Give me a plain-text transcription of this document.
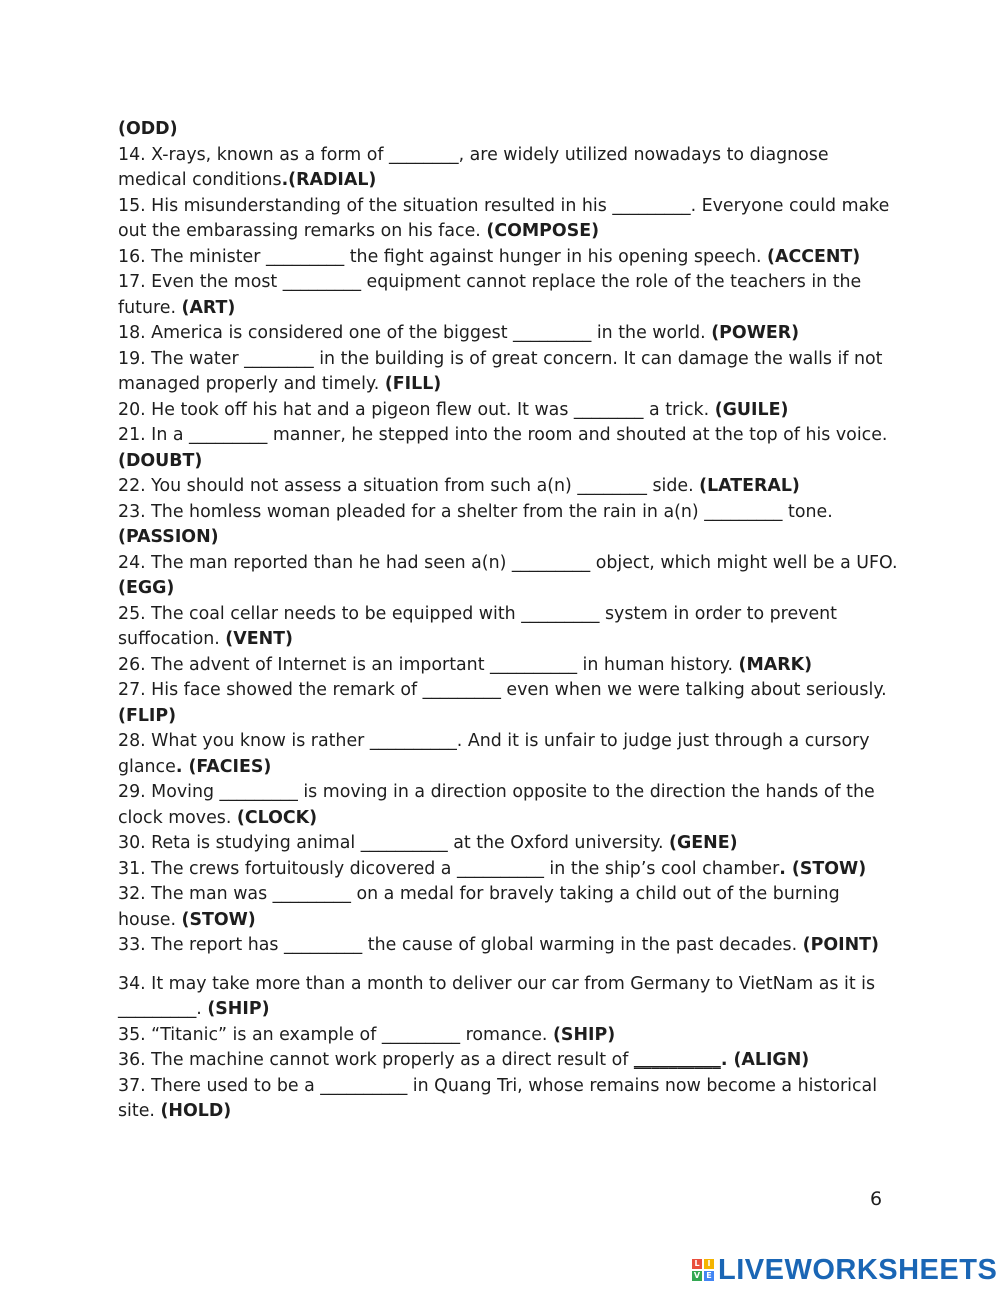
(ODD)

14. X-rays, known as a form of ________, are widely utilized nowadays to diagnose medical conditions.(RADIAL)

15. His misunderstanding of the situation resulted in his _________. Everyone could make out the embarassing remarks on his face. (COMPOSE)

16. The minister _________ the fight against hunger in his opening speech. (ACCENT)

17. Even the most _________ equipment cannot replace the role of the teachers in the future. (ART)

18. America is considered one of the biggest _________ in the world. (POWER)

19. The water ________ in the building is of great concern. It can damage the walls if not managed properly and timely. (FILL)

20. He took off his hat and a pigeon flew out. It was ________ a trick. (GUILE)

21. In a _________ manner, he stepped into the room and shouted at the top of his voice. (DOUBT)

22. You should not assess a situation from such a(n) ________ side. (LATERAL)

23. The homless woman pleaded for a shelter from the rain in a(n) _________ tone. (PASSION)

24. The man reported than he had seen a(n) _________ object, which might well be a UFO. (EGG)

25. The coal cellar needs to be equipped with _________ system in order to prevent suffocation. (VENT)

26. The advent of Internet is an important __________ in human history. (MARK)

27. His face showed the remark of _________ even when we were talking about seriously. (FLIP)

28. What you know is rather __________. And it is unfair to judge just through a cursory glance. (FACIES)

29. Moving _________ is moving in a direction opposite to the direction the hands of the clock moves. (CLOCK)

30. Reta is studying animal __________ at the Oxford university. (GENE)

31. The crews fortuitously dicovered a __________ in the ship’s cool chamber. (STOW)

32. The man was _________ on a medal for bravely taking a child out of the burning house. (STOW)

33. The report has _________ the cause of global warming in the past decades. (POINT)

34. It may take more than a month to deliver our car from Germany to VietNam as it is _________. (SHIP)

35. “Titanic” is an example of _________ romance. (SHIP)

36. The machine cannot work properly as a direct result of __________. (ALIGN)

37. There used to be a __________ in Quang Tri, whose remains now become a historical site. (HOLD)

6
L I
V E LIVEWORKSHEETS
